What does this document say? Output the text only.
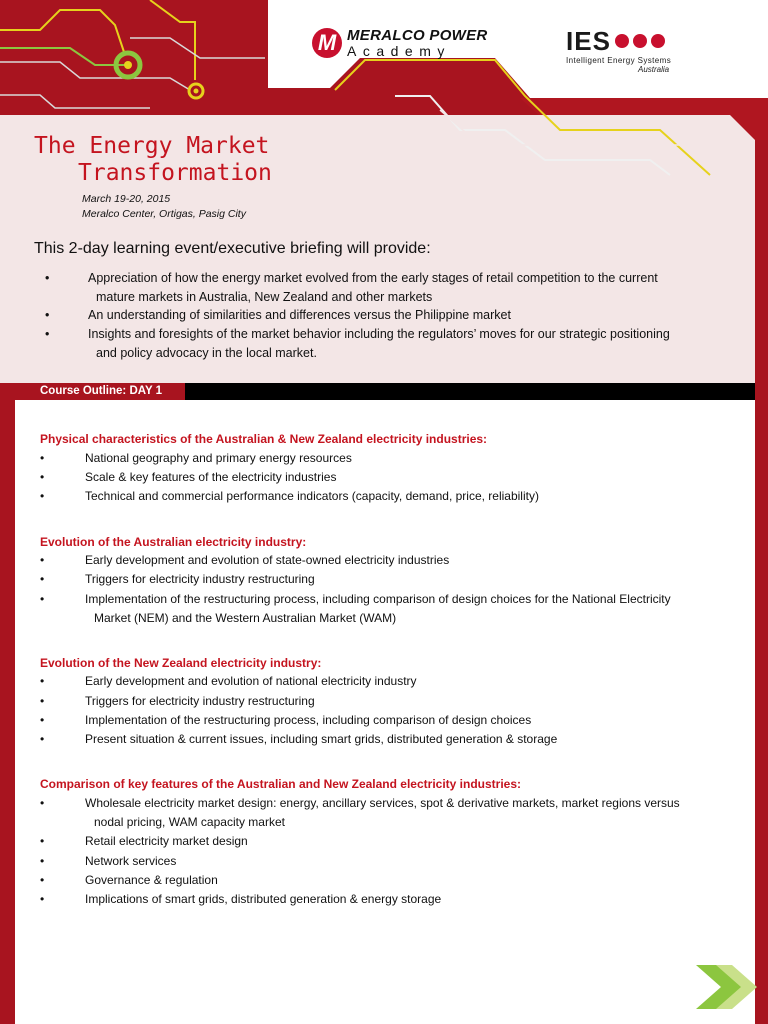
M MERALCO POWER
Academy	IES
Intelligent Energy Systems
Australia
The Energy Market
Transformation
March 19-20, 2015
Meralco Center, Ortigas, Pasig City
This 2-day learning event/executive briefing will provide:
•	Appreciation of how the energy market evolved from the early stages of retail competition to the current
mature markets in Australia, New Zealand and other markets
•	An understanding of similarities and differences versus the Philippine market
•	Insights and foresights of the market behavior including the regulators’ moves for our strategic positioning
and policy advocacy in the local market.
Course Outline: DAY 1
Physical characteristics of the Australian & New Zealand electricity industries:
•	National geography and primary energy resources
•	Scale & key features of the electricity industries
•	Technical and commercial performance indicators (capacity, demand, price, reliability)
Evolution of the Australian electricity industry:
•	Early development and evolution of state-owned electricity industries
•	Triggers for electricity industry restructuring
•	Implementation of the restructuring process, including comparison of design choices for the National Electricity
Market (NEM) and the Western Australian Market (WAM)
Evolution of the New Zealand electricity industry:
•	Early development and evolution of national electricity industry
•	Triggers for electricity industry restructuring
•	Implementation of the restructuring process, including comparison of design choices
•	Present situation & current issues, including smart grids, distributed generation & storage
Comparison of key features of the Australian and New Zealand electricity industries:
•	Wholesale electricity market design: energy, ancillary services, spot & derivative markets, market regions versus
nodal pricing, WAM capacity market
•	Retail electricity market design
•	Network services
•	Governance & regulation
•	Implications of smart grids, distributed generation & energy storage
